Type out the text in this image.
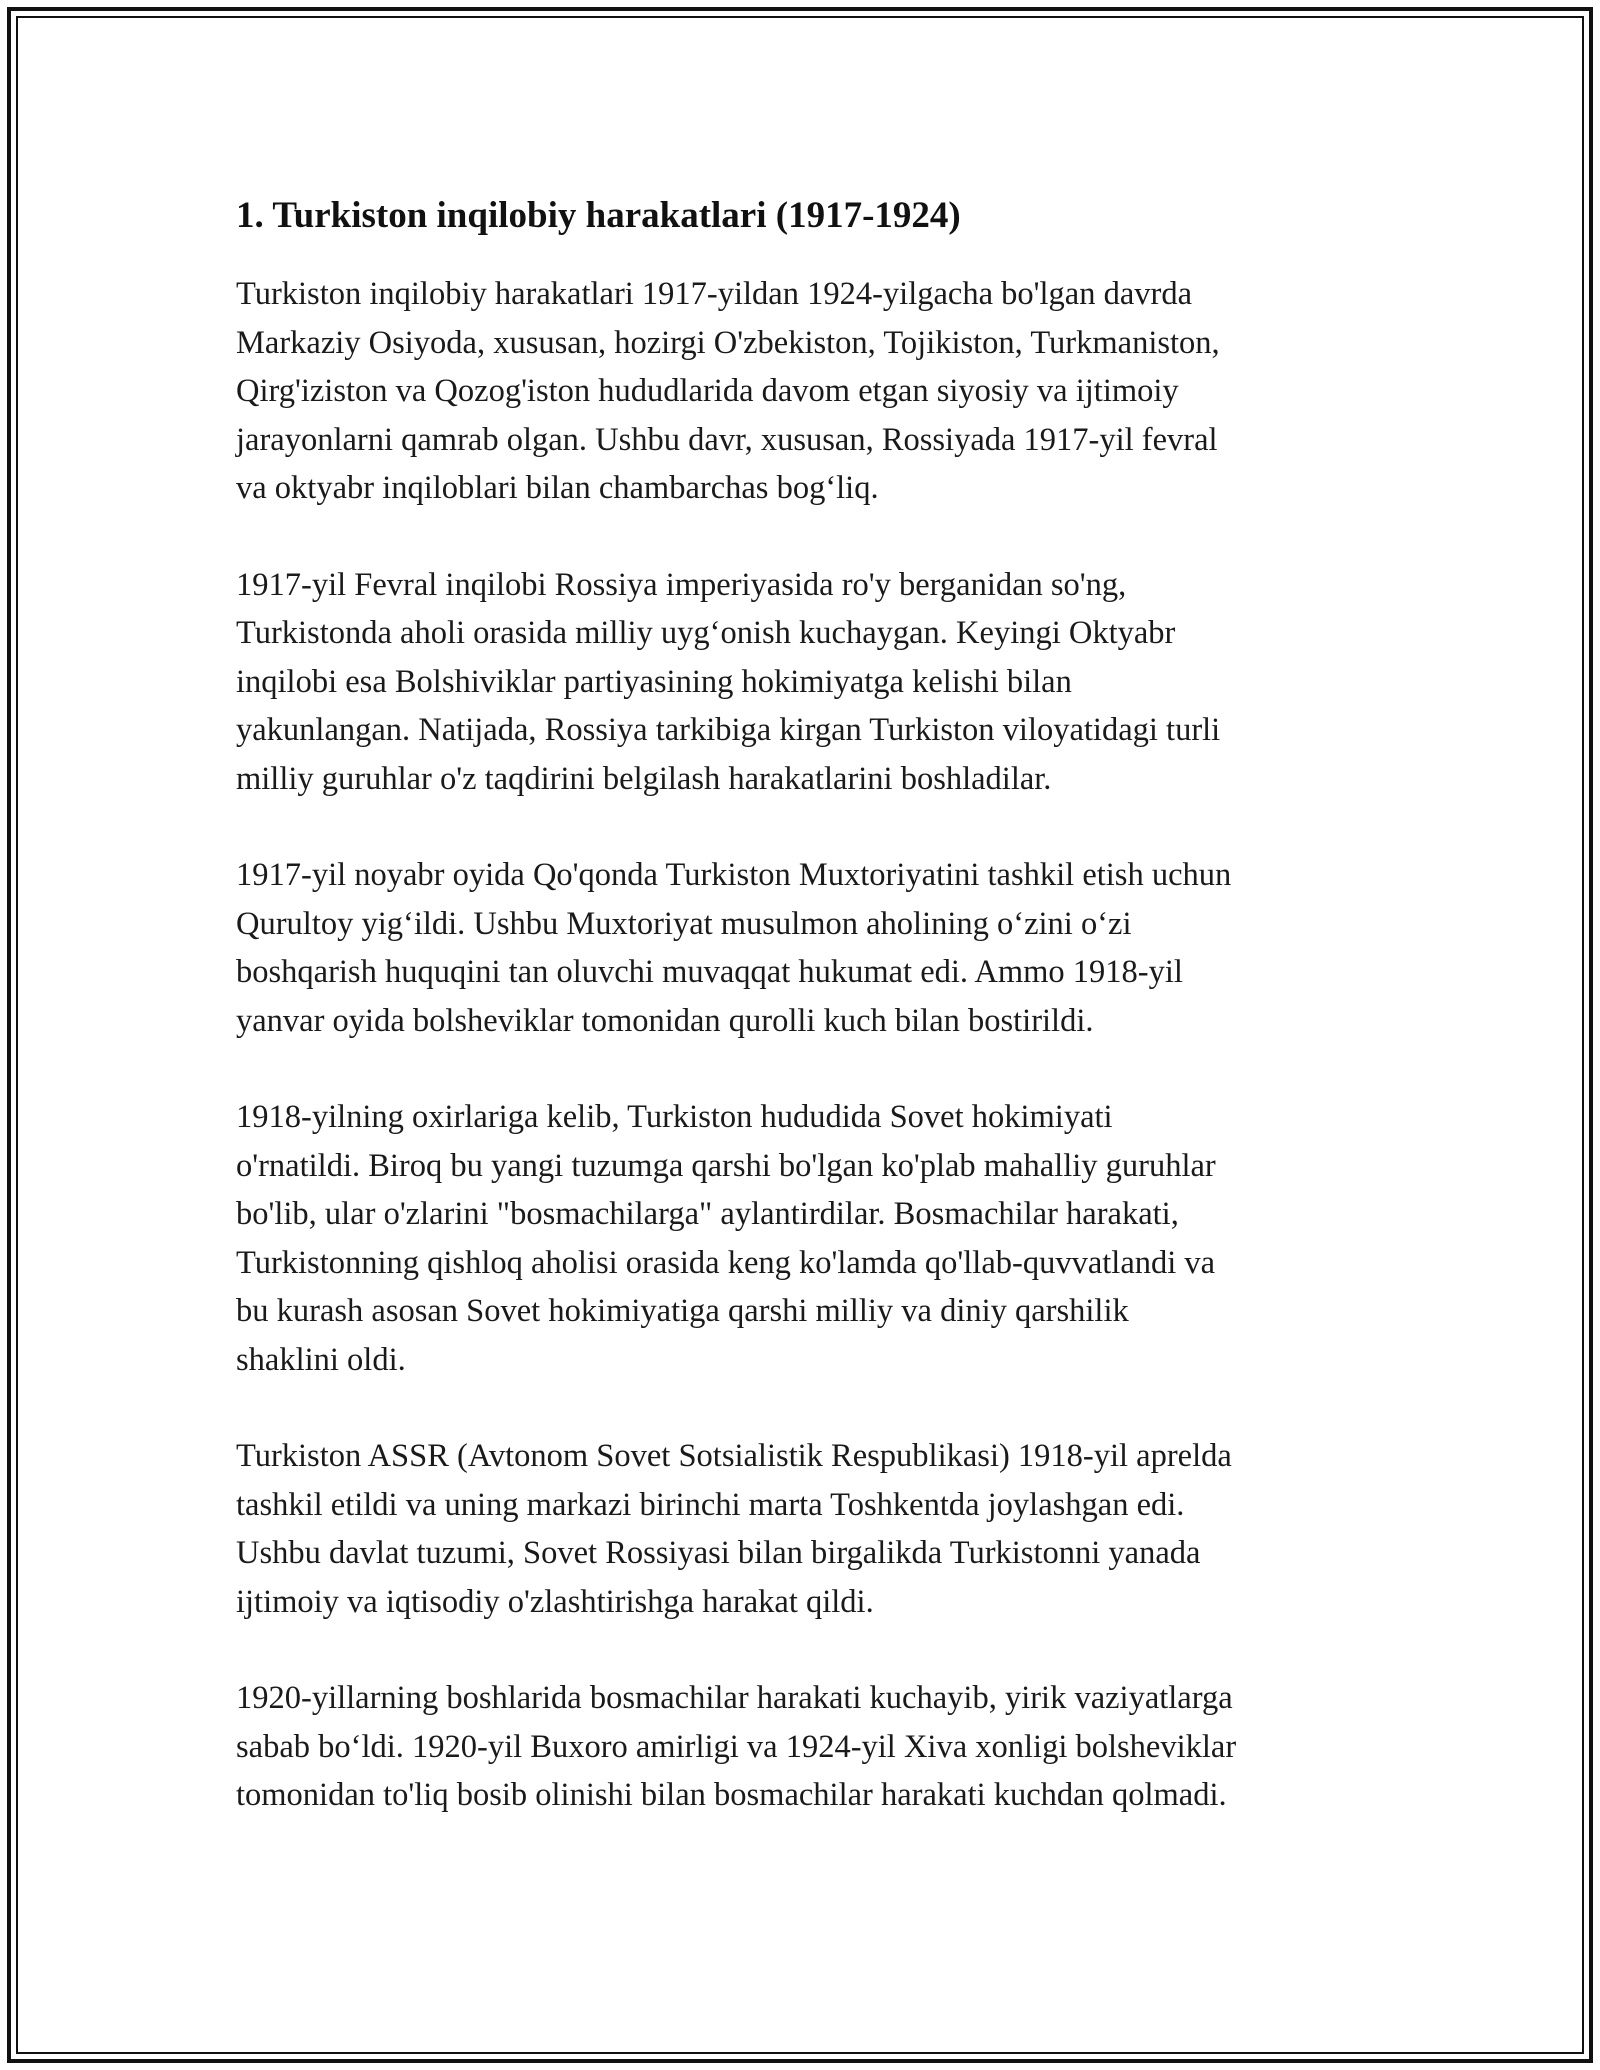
1. Turkiston inqilobiy harakatlari (1917-1924)

Turkiston inqilobiy harakatlari 1917-yildan 1924-yilgacha bo'lgan davrda
Markaziy Osiyoda, xususan, hozirgi O'zbekiston, Tojikiston, Turkmaniston,
Qirg'iziston va Qozog'iston hududlarida davom etgan siyosiy va ijtimoiy
jarayonlarni qamrab olgan. Ushbu davr, xususan, Rossiyada 1917-yil fevral
va oktyabr inqiloblari bilan chambarchas bog‘liq.

1917-yil Fevral inqilobi Rossiya imperiyasida ro'y berganidan so'ng,
Turkistonda aholi orasida milliy uyg‘onish kuchaygan. Keyingi Oktyabr
inqilobi esa Bolshiviklar partiyasining hokimiyatga kelishi bilan
yakunlangan. Natijada, Rossiya tarkibiga kirgan Turkiston viloyatidagi turli
milliy guruhlar o'z taqdirini belgilash harakatlarini boshladilar.

1917-yil noyabr oyida Qo'qonda Turkiston Muxtoriyatini tashkil etish uchun
Qurultoy yig‘ildi. Ushbu Muxtoriyat musulmon aholining o‘zini o‘zi
boshqarish huquqini tan oluvchi muvaqqat hukumat edi. Ammo 1918-yil
yanvar oyida bolsheviklar tomonidan qurolli kuch bilan bostirildi.

1918-yilning oxirlariga kelib, Turkiston hududida Sovet hokimiyati
o'rnatildi. Biroq bu yangi tuzumga qarshi bo'lgan ko'plab mahalliy guruhlar
bo'lib, ular o'zlarini "bosmachilarga" aylantirdilar. Bosmachilar harakati,
Turkistonning qishloq aholisi orasida keng ko'lamda qo'llab-quvvatlandi va
bu kurash asosan Sovet hokimiyatiga qarshi milliy va diniy qarshilik
shaklini oldi.

Turkiston ASSR (Avtonom Sovet Sotsialistik Respublikasi) 1918-yil aprelda
tashkil etildi va uning markazi birinchi marta Toshkentda joylashgan edi.
Ushbu davlat tuzumi, Sovet Rossiyasi bilan birgalikda Turkistonni yanada
ijtimoiy va iqtisodiy o'zlashtirishga harakat qildi.

1920-yillarning boshlarida bosmachilar harakati kuchayib, yirik vaziyatlarga
sabab bo‘ldi. 1920-yil Buxoro amirligi va 1924-yil Xiva xonligi bolsheviklar
tomonidan to'liq bosib olinishi bilan bosmachilar harakati kuchdan qolmadi.
